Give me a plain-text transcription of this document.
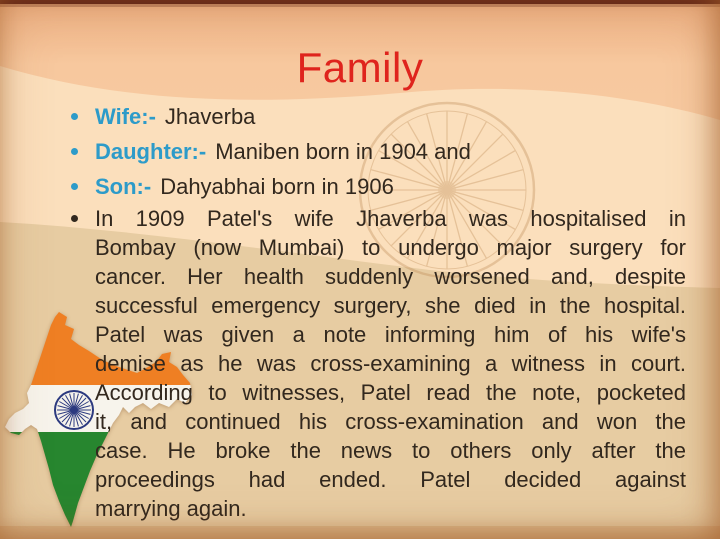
Family
Wife:- Jhaverba
Daughter:- Maniben born in 1904 and
Son:- Dahyabhai born in 1906
In 1909 Patel's wife Jhaverba was hospitalised in
Bombay (now Mumbai) to undergo major surgery for
cancer. Her health suddenly worsened and, despite
successful emergency surgery, she died in the hospital.
Patel was given a note informing him of his wife's
demise as he was cross-examining a witness in court.
According to witnesses, Patel read the note, pocketed
it, and continued his cross-examination and won the
case. He broke the news to others only after the
proceedings had ended. Patel decided against
marrying again.
